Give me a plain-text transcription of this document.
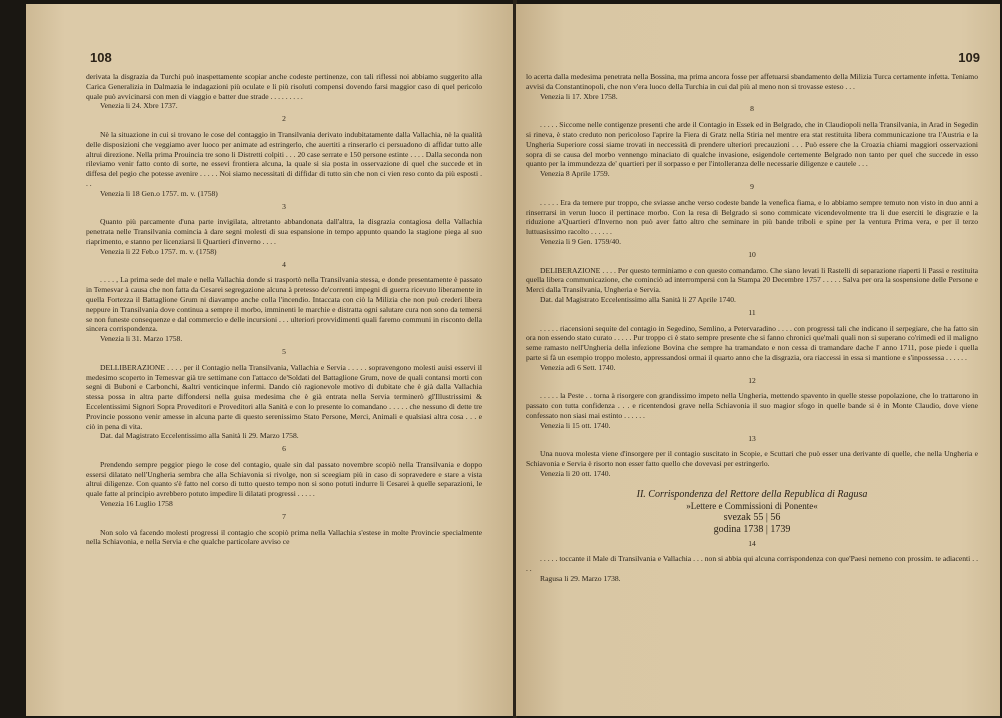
108

derivata la disgrazia da Turchi può inaspettamente scopiar anche codeste pertinenze, con tali riflessi noi abbiamo suggerito alla Carica Generalizia in Dalmazia le indagazioni più oculate e li più risoluti compensi dovendo farsi maggior caso di quel pericolo quale può avvicinarsi con men di viaggio e batter due strade . . . . . . . . .

Venezia li 24. Xbre 1737.

2

Nè la situazione in cui si trovano le cose del contaggio in Transilvania derivato indubitatamente dalla Vallachia, nè la qualità delle disposizioni che veggiamo aver luoco per animate ad estringerlo, che auertiti a rinserarlo ci persuadono di affidar tutto alle altrui direzione. Nella prima Prouincia tre sono li Distretti colpiti . . . 20 case serrate e 150 persone estinte . . . . Dalla seconda non rileviamo venir fatto conto di sorte, ne essevi frontiera alcuna, la quale si sia posta in osservazione di quel che succede et in diffesa del pegio che potesse avenire . . . . . Noi siamo necessitati di diffidar di tutto sin che non ci vien reso conto da più esposti . . .

Venezia li 18 Gen.o 1757. m. v. (1758)

3

Quanto più parcamente d'una parte invigilata, altretanto abbandonata dall'altra, la disgrazia contagiosa della Vallachia penetrata nelle Transilvania comincia à dare segni molesti di sua espansione in tempo appunto quando la stagione piega al suo riaprimento, e stanno per licenziarsi li Quartieri d'inverno . . . .

Venezia li 22 Feb.o 1757. m. v. (1758)

4

. . . . , La prima sede del male e nella Vallachia donde si trasportò nella Transilvania stessa, e donde presentamente è passato in Temesvar à causa che non fatta da Cesarei segregazione alcuna à pretesso de'correnti impegni di guerra ricevuto liberamente in quella Fortezza il Battaglione Grum ni diavampo anche colla l'incendio. Intaccata con ciò la Milizia che non può crederi libera neppure in Transilvania dove continua a sempre il morbo, imminenti le marchie e distratta ogni salutare cura non sono da temersi se non funeste consequenze e dal commercio e delle incursioni . . . ulteriori provvidimenti quali faremo communi in risconto della sincera corrispondenza.

Venezia li 31. Marzo 1758.

5

DELLIBERAZIONE . . . . per il Contagio nella Transilvania, Vallachia e Servia . . . . . sopravengono molesti auisi esservi il medesimo scoperto in Temesvar già tre settimane con l'attacco de'Soldati del Battaglione Grum, nove de quali contansi morti con segni di Buboni e Carbonchi, &altri venticinque infermi. Dando ciò ragionevole motivo di dubitate che è già dalla Vallachia stessa possa in altra parte diffondersi nella guisa medesima che è già entrata nella Servia terminerò gl'Illustrissimi & Eccelentissimi Signori Sopra Proveditori e Proveditori alla Sanità e con lo presente lo comandano . . . . . che nessuno di dette tre Provincie possono venir amesse in alcuna parte di questo serenissimo Stato Persone, Merci, Animali e qualsiasi altra cosa . . . e ciò in pena di vita.

Dat. dal Magistrato Eccelentissimo alla Sanità li 29. Marzo 1758.

6

Prendendo sempre peggior piego le cose del contagio, quale sin dal passato novembre scopiò nella Transilvania e doppo essersi dilatato nell'Ungheria sembra che alla Schiavonia si rivolge, non si sceegiam più in caso di sopravedere e stare a vista altrui diligenze. Con quanto s'è fatto nel corso di tutto questo tempo non si sono potuti indurre li Cesarei à quelle separazioni, le quale fatte al principio avrebbero potuto impedire li dilatati progressi . . . . .

Venezia 16 Luglio 1758

7

Non solo và facendo molesti progressi il contagio che scopiò prima nella Vallachia s'estese in molte Provincie specialmente nella Schiavonia, e nella Servia e che qualche particolare avviso ce

109

lo acerta dalla medesima penetrata nella Bossina, ma prima ancora fosse per affetuarsi sbandamento della Milizia Turca certamente infetta. Teniamo avvisi da Constantinopoli, che non v'era luoco della Turchia in cui dal più al meno non si trovasse esteso . . .

Venezia li 17. Xbre 1758.

8

. . . . . Siccome nelle contigenze presenti che arde il Contagio in Essek ed in Belgrado, che in Claudiopoli nella Transilvania, in Arad in Segedin si rineva, è stato creduto non pericoloso l'aprire la Fiera di Gratz nella Stiria nel mentre era stat restituita libera communicazione tra l'Austria e la Ungheria Superiore cossi siame trovati in neccessità di prendere ulteriori precauzioni . . . Può essere che la Croazia chiami maggiori osservazioni sopra di se causa del morbo vennengo minaciato di qualche invasione, esigendole certemente Belgrado non tanto per quel che succede in esso quanto per la immundezza de' quartieri per il sorpasso e per l'intolleranza delle necessarie diligenze e cautele . . .

Venezia 8 Aprile 1759.

9

. . . . . Era da temere pur troppo, che sviasse anche verso codeste bande la venefica fiama, e lo abbiamo sempre temuto non visto in duo anni a rinserrarsi in verun luoco il pertinace morbo. Con la resa di Belgrado si sono commicate vicendevolmente tra li due eserciti le disgrazie e la riduzione a'Quartieri d'Inverno non può aver fatto altro che seminare in più bande triboli e spine per la ventura Prima vera, e per il terzo luttuasissimo racolto . . . . . .

Venezia li 9 Gen. 1759/40.

10

DELIBERAZIONE . . . . Per questo terminiamo e con questo comandamo. Che siano levati li Rastelli di separazione riaperti li Passi e restituita quella libera communicazione, che cominciò ad interrompersi con la Stampa 20 Decembre 1757 . . . . . Salva per ora la sospensione delle Persone e Merci dalla Transilvania, Ungheria e Servia.

Dat. dal Magistrato Eccelentissimo alla Sanità li 27 Aprile 1740.

11

. . . . . riacensioni sequite del contagio in Segedino, Semlino, a Petervaradino . . . . con progressi tali che indicano il serpegiare, che ha fatto sin ora non essendo stato curato . . . . . Pur troppo ci è stato sempre presente che si fanno chronici que'mali quali non si superano co'rimedi ed il maligno seme ramasto nell'Ungheria della infezione Bovina che sempre ha tramandato e non cessa di tramandare dache l' anno 1711, pose piede i quella parte si fà un esempio troppo molesto, appressandosi ormai il quarto anno che la disgrazia, ora riaccessi in essa si mantione e s'inpossessa . . . . . .

Venezia adì 6 Sett. 1740.

12

. . . . . la Peste . . torna à risorgere con grandissimo impeto nella Ungheria, mettendo spavento in quelle stesse popolazione, che lo trattarono in passato con tutta confidenza . . . e ricentendosi grave nella Schiavonia il suo magior sfogo in quelle bande si è in Monte Claudio, dove viene confessato non siasi mai estinto . . . . . .

Venezia li 15 ott. 1740.

13

Una nuova molesta viene d'insorgere per il contagio suscitato in Scopie, e Scuttari che può esser una derivante di quelle, che nella Ungheria e Schiavonia e Servia è risorto non esser fatto quello che dovevasi per estringerlo.

Venezia li 20 ott. 1740.

II. Corrispondenza del Rettore della Republica di Ragusa
»Lettere e Commissioni di Ponente«
svezak 55 | 56
godina 1738 | 1739
14

. . . . . toccante il Male di Transilvania e Vallachia . . . non si abbia qui alcuna corrispondenza con que'Paesi nemeno con prossim. te adiacenti . . . .

Ragusa li 29. Marzo 1738.
